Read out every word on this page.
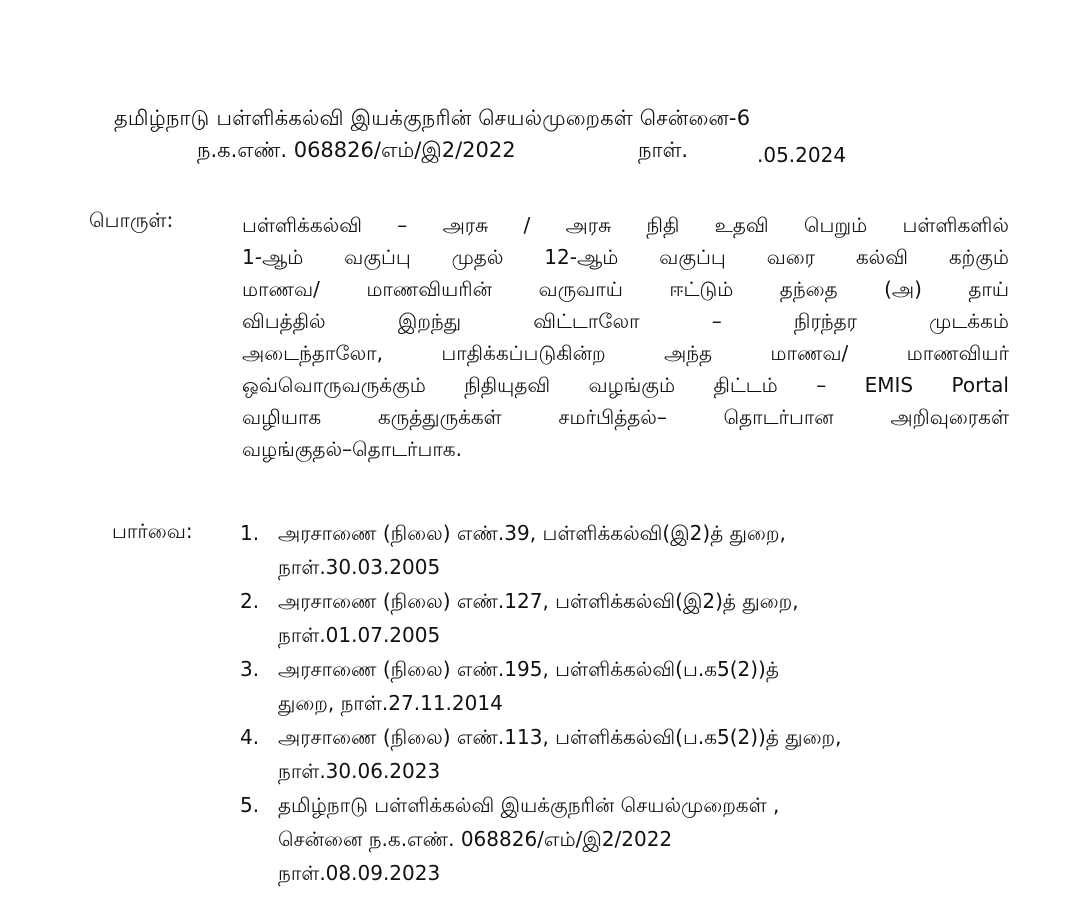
தமிழ்நாடு பள்ளிக்கல்வி இயக்குநரின் செயல்முறைகள் சென்னை-6
ந.க.எண். 068826/எம்/இ2/2022	நாள்.	.05.2024
பொருள்:	பள்ளிக்கல்வி – அரசு / அரசு நிதி உதவி பெறும் பள்ளிகளில்
1-ஆம் வகுப்பு முதல் 12-ஆம் வகுப்பு வரை கல்வி கற்கும்
மாணவ/ மாணவியரின் வருவாய் ஈட்டும் தந்தை (அ) தாய்
விபத்தில் இறந்து விட்டாலோ – நிரந்தர முடக்கம்
அடைந்தாலோ, பாதிக்கப்படுகின்ற அந்த மாணவ/ மாணவியர்
ஒவ்வொருவருக்கும் நிதியுதவி வழங்கும் திட்டம் – EMIS Portal
வழியாக கருத்துருக்கள் சமர்பித்தல்– தொடர்பான அறிவுரைகள்
வழங்குதல்–தொடர்பாக.
பார்வை: 1. அரசாணை (நிலை) எண்.39, பள்ளிக்கல்வி(இ2)த் துறை,
நாள்.30.03.2005
2. அரசாணை (நிலை) எண்.127, பள்ளிக்கல்வி(இ2)த் துறை,
நாள்.01.07.2005
3. அரசாணை (நிலை) எண்.195, பள்ளிக்கல்வி(ப.க5(2))த்
துறை, நாள்.27.11.2014
4. அரசாணை (நிலை) எண்.113, பள்ளிக்கல்வி(ப.க5(2))த் துறை,
நாள்.30.06.2023
5. தமிழ்நாடு பள்ளிக்கல்வி இயக்குநரின் செயல்முறைகள் ,
சென்னை ந.க.எண். 068826/எம்/இ2/2022
நாள்.08.09.2023
